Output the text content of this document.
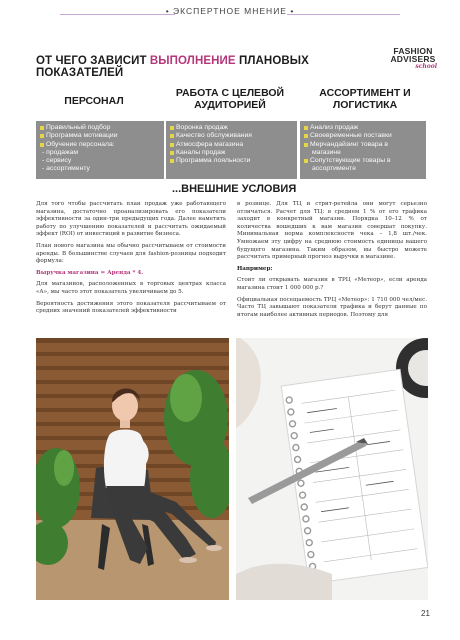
• ЭКСПЕРТНОЕ МНЕНИЕ •
ОТ ЧЕГО ЗАВИСИТ ВЫПОЛНЕНИЕ ПЛАНОВЫХ ПОКАЗАТЕЛЕЙ
FASHION
ADVISERS
school
ПЕРСОНАЛ
РАБОТА С ЦЕЛЕВОЙ АУДИТОРИЕЙ
АССОРТИМЕНТ И ЛОГИСТИКА
Правильный подбор
Программа мотивации
Обучение персонала:
- продажам
- сервису
- ассортименту
Воронка продаж
Качество обслуживания
Атмосфера магазина
Каналы продаж
Программа лояльности
Анализ продаж
Своевременные поставки
Мерчандайзинг товара в
магазине
Сопутствующие товары в
ассортименте
...ВНЕШНИЕ УСЛОВИЯ

Для того чтобы рассчитать план продаж уже работающего магазина, достаточно проанализировать его показатели эффективности за один-три предыдущих года. Далее наметить работу по улучшению показателей и рассчитать ожидаемый эффект (ROI) от инвестиций в развитие бизнеса.

План нового магазина мы обычно рассчитываем от стоимости аренды. В большинстве случаев для fashion-розницы подходит формула:

Выручка магазина = Аренда * 4.

Для магазинов, расположенных в торговых центрах класса «А», мы часто этот показатель увеличиваем до 5.

Вероятность достижения этого показателя рассчитываем от средних значений показателей эффективности

в рознице. Для ТЦ и стрит-ретейла они могут серьезно отличаться. Расчет для ТЦ: в среднем 1 % от его трафика заходит в конкретный магазин. Порядка 10–12 % от количества вошедших к вам магазин совершат покупку. Минимальная норма комплексности чека – 1,8 шт./чек. Умножаем эту цифру на среднюю стоимость единицы вашего будущего магазина. Таким образом, вы быстро можете рассчитать примерный прогноз выручки в магазине.

Например:

Стоит ли открывать магазин в ТРЦ «Метеор», если аренда магазина стоит 1 000 000 р.?

Официальная посещаемость ТРЦ «Метеор»: 1 710 000 чел/мес. Часто ТЦ завышают показатели трафика и берут данные по итогам наиболее активных периодов. Поэтому для

21
